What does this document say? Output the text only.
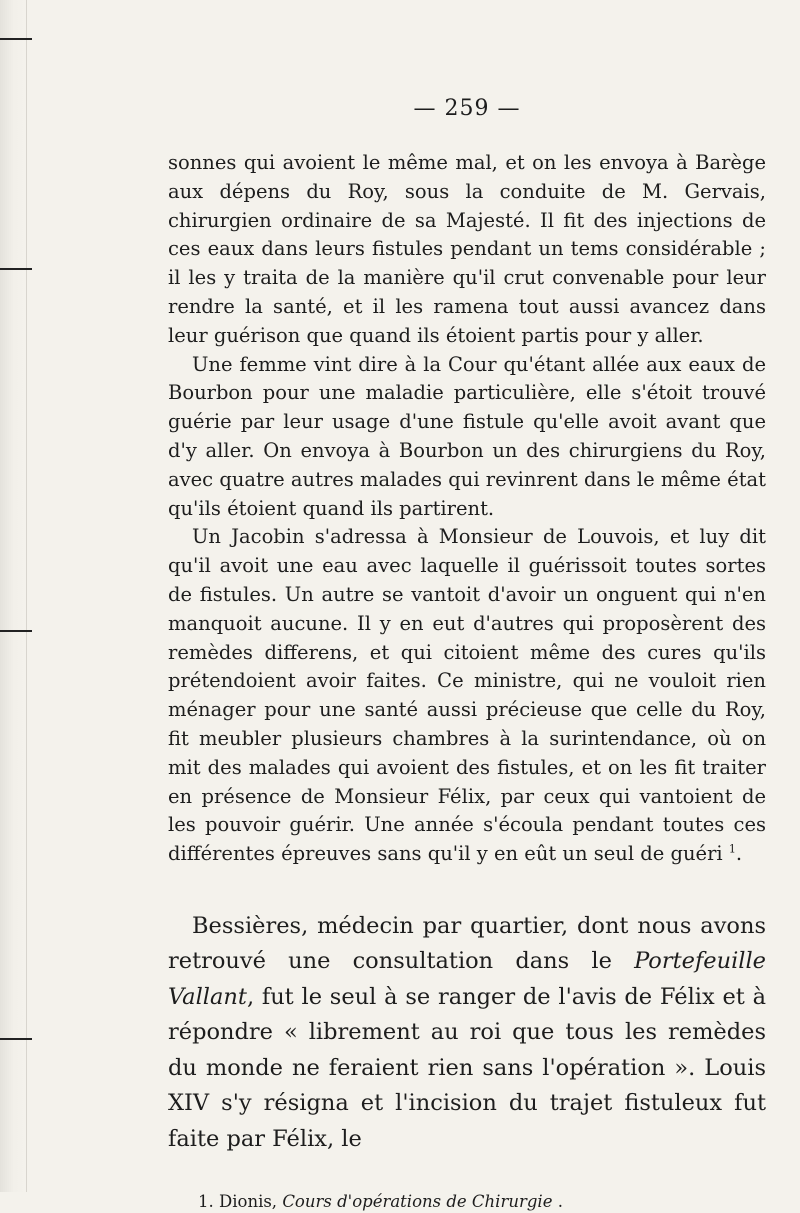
— 259 —

sonnes qui avoient le même mal, et on les envoya à Barège aux dépens du Roy, sous la conduite de M. Gervais, chirurgien ordinaire de sa Majesté. Il fit des injections de ces eaux dans leurs fistules pendant un tems considérable ; il les y traita de la manière qu'il crut convenable pour leur rendre la santé, et il les ramena tout aussi avancez dans leur guérison que quand ils étoient partis pour y aller.

Une femme vint dire à la Cour qu'étant allée aux eaux de Bourbon pour une maladie particulière, elle s'étoit trouvé guérie par leur usage d'une fistule qu'elle avoit avant que d'y aller. On envoya à Bourbon un des chirurgiens du Roy, avec quatre autres malades qui revinrent dans le même état qu'ils étoient quand ils partirent.

Un Jacobin s'adressa à Monsieur de Louvois, et luy dit qu'il avoit une eau avec laquelle il guérissoit toutes sortes de fistules. Un autre se vantoit d'avoir un onguent qui n'en manquoit aucune. Il y en eut d'autres qui proposèrent des remèdes differens, et qui citoient même des cures qu'ils prétendoient avoir faites. Ce ministre, qui ne vouloit rien ménager pour une santé aussi précieuse que celle du Roy, fit meubler plusieurs chambres à la surintendance, où on mit des malades qui avoient des fistules, et on les fit traiter en présence de Monsieur Félix, par ceux qui vantoient de les pouvoir guérir. Une année s'écoula pendant toutes ces différentes épreuves sans qu'il y en eût un seul de guéri $^1$.

Bessières, médecin par quartier, dont nous avons retrouvé une consultation dans le Portefeuille Vallant, fut le seul à se ranger de l'avis de Félix et à répondre « librement au roi que tous les remèdes du monde ne feraient rien sans l'opération ». Louis XIV s'y résigna et l'incision du trajet fistuleux fut faite par Félix, le

1. Dionis, Cours d'opérations de Chirurgie .
